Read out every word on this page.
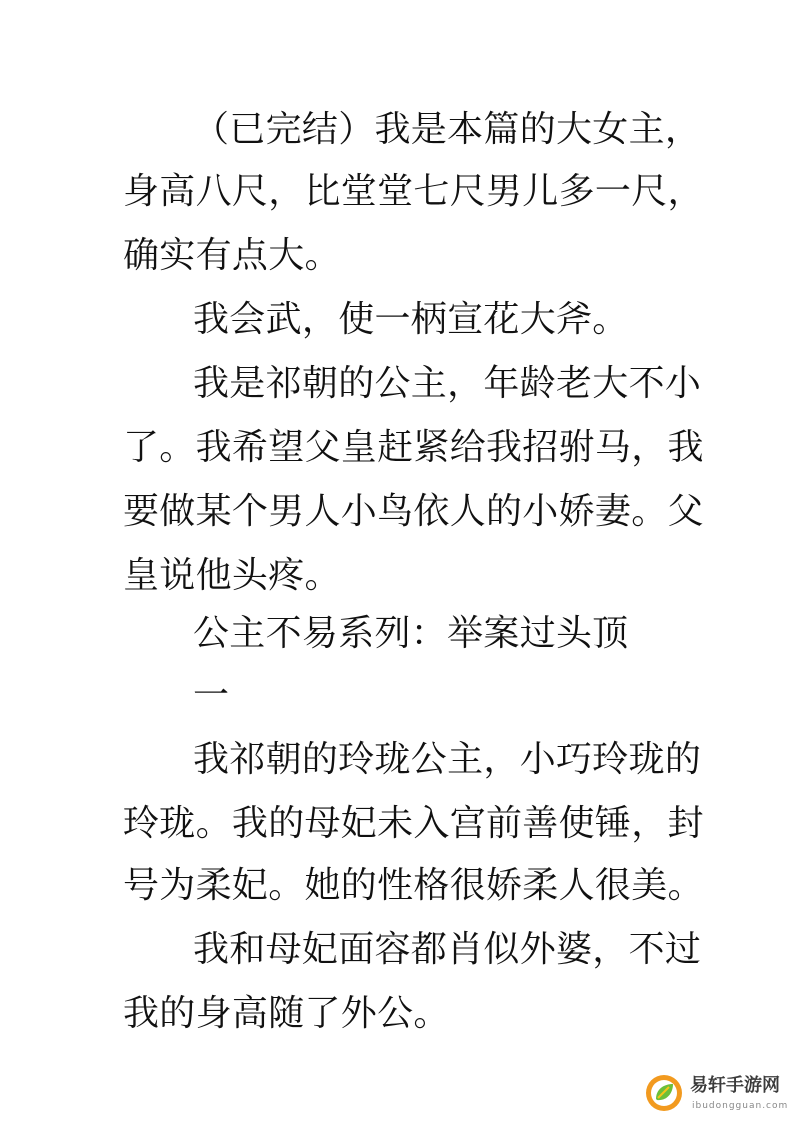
（已完结）我是本篇的大女主，
身高八尺，比堂堂七尺男儿多一尺，
确实有点大。
我会武，使一柄宣花大斧。
我是祁朝的公主，年龄老大不小
了。我希望父皇赶紧给我招驸马，我
要做某个男人小鸟依人的小娇妻。父
皇说他头疼。
公主不易系列：举案过头顶
一
我祁朝的玲珑公主，小巧玲珑的
玲珑。我的母妃未入宫前善使锤，封
号为柔妃。她的性格很娇柔人很美。
我和母妃面容都肖似外婆，不过
我的身高随了外公。
易轩手游网
ibudongguan.com
